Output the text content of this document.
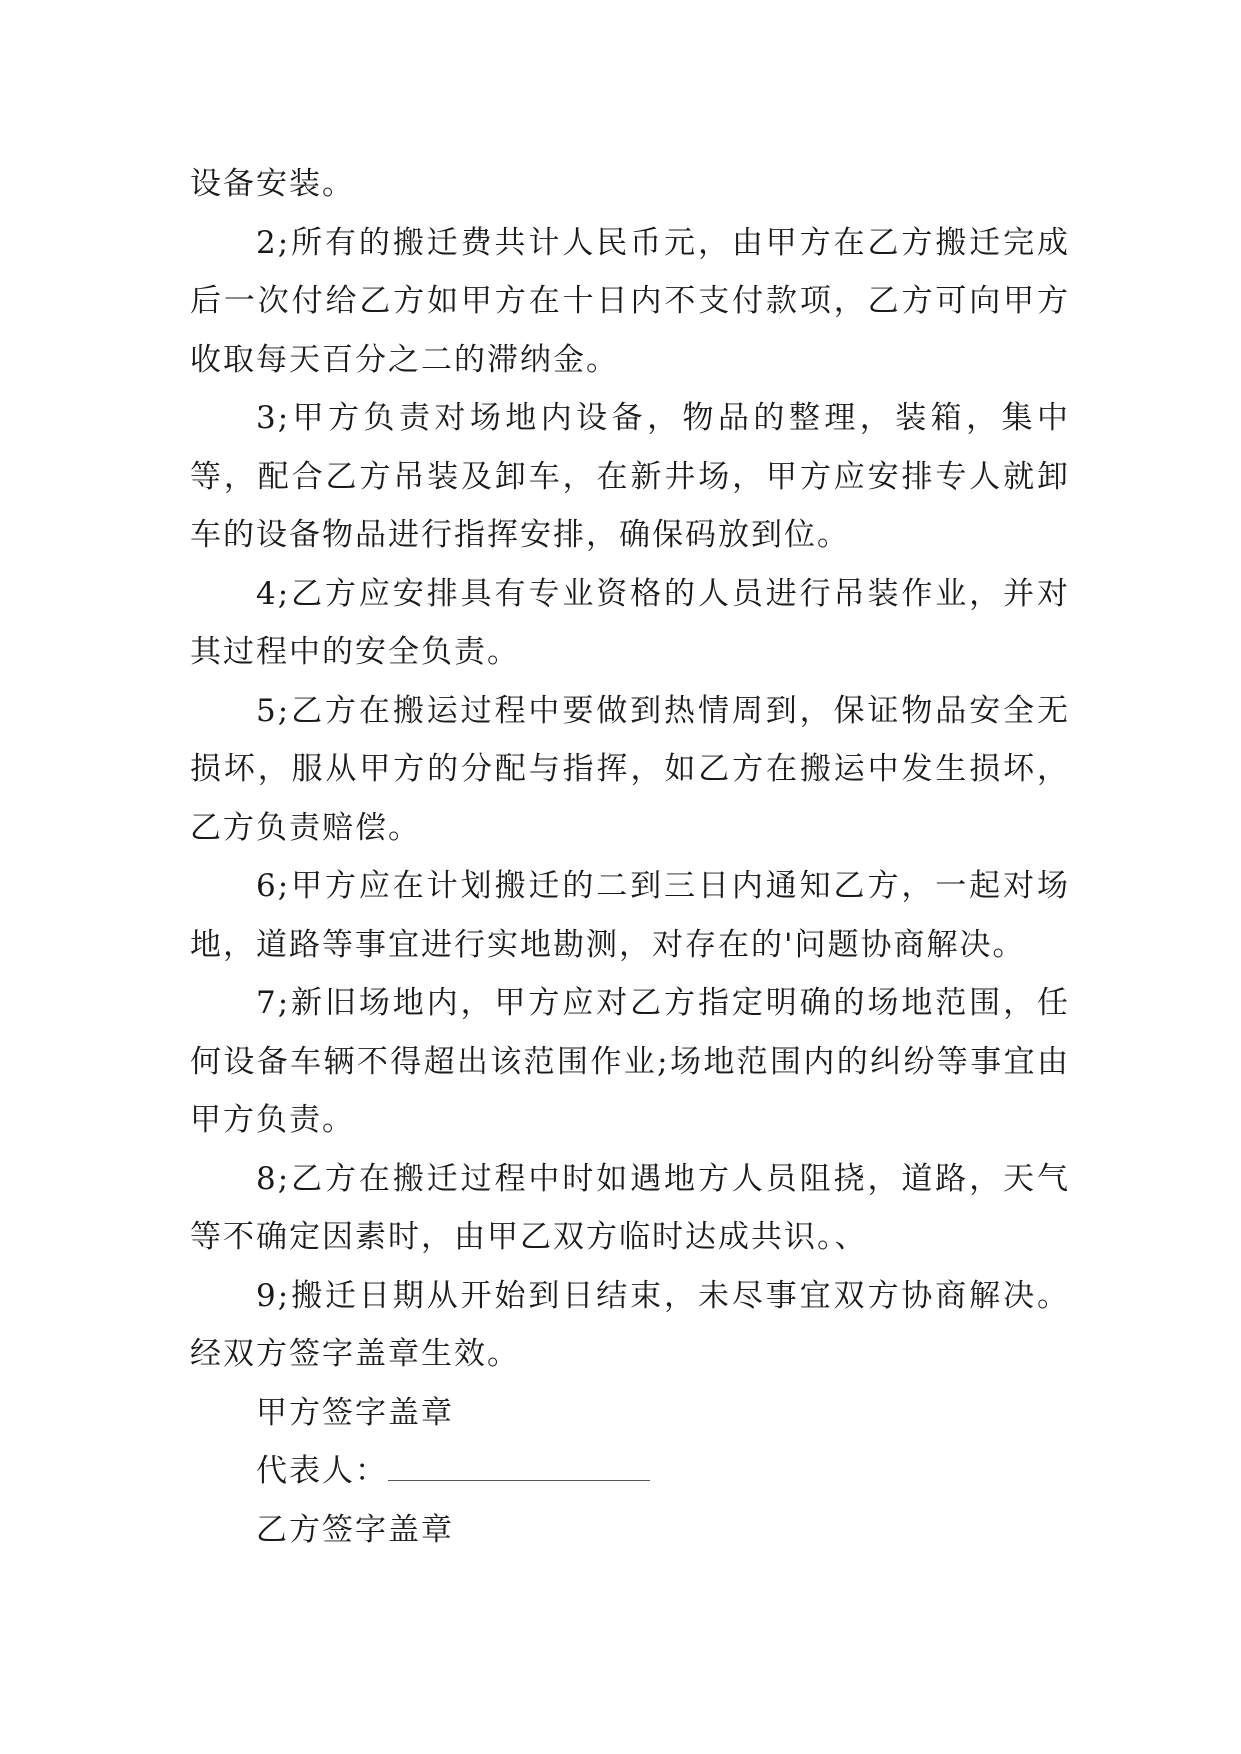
设备安装。

2;所有的搬迁费共计人民币元，由甲方在乙方搬迁完成后一次付给乙方如甲方在十日内不支付款项，乙方可向甲方收取每天百分之二的滞纳金。

3;甲方负责对场地内设备，物品的整理，装箱，集中等，配合乙方吊装及卸车，在新井场，甲方应安排专人就卸车的设备物品进行指挥安排，确保码放到位。

4;乙方应安排具有专业资格的人员进行吊装作业，并对其过程中的安全负责。

5;乙方在搬运过程中要做到热情周到，保证物品安全无损坏，服从甲方的分配与指挥，如乙方在搬运中发生损坏，乙方负责赔偿。

6;甲方应在计划搬迁的二到三日内通知乙方，一起对场地，道路等事宜进行实地勘测，对存在的'问题协商解决。

7;新旧场地内，甲方应对乙方指定明确的场地范围，任何设备车辆不得超出该范围作业;场地范围内的纠纷等事宜由甲方负责。

8;乙方在搬迁过程中时如遇地方人员阻挠，道路，天气等不确定因素时，由甲乙双方临时达成共识。、

9;搬迁日期从开始到日结束，未尽事宜双方协商解决。经双方签字盖章生效。

甲方签字盖章

代表人：

乙方签字盖章
